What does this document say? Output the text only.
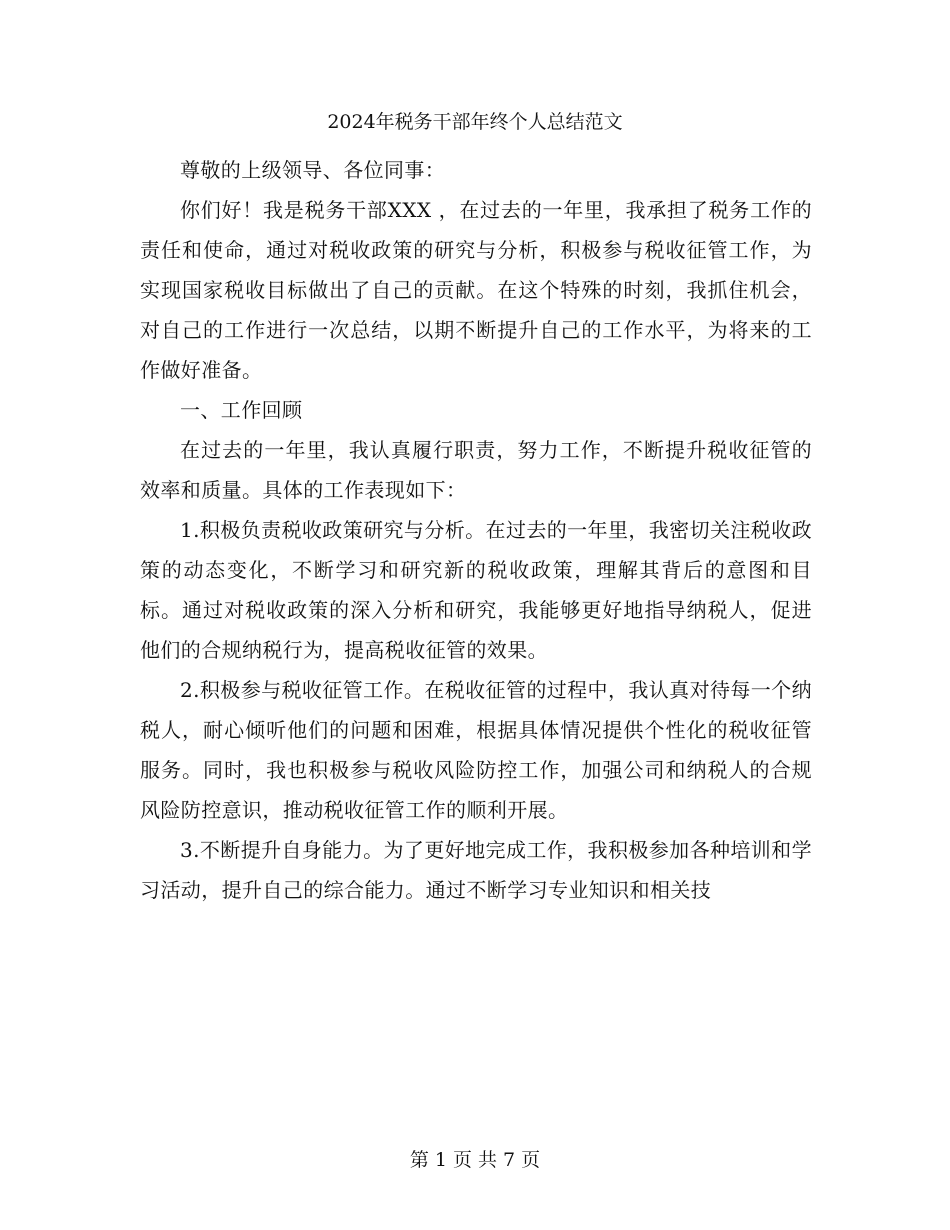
2024年税务干部年终个人总结范文

尊敬的上级领导、各位同事：

你们好！我是税务干部XXX ，在过去的一年里，我承担了税务工作的责任和使命，通过对税收政策的研究与分析，积极参与税收征管工作，为实现国家税收目标做出了自己的贡献。在这个特殊的时刻，我抓住机会，对自己的工作进行一次总结，以期不断提升自己的工作水平，为将来的工作做好准备。

一、工作回顾

在过去的一年里，我认真履行职责，努力工作，不断提升税收征管的效率和质量。具体的工作表现如下：

1.积极负责税收政策研究与分析。在过去的一年里，我密切关注税收政策的动态变化，不断学习和研究新的税收政策，理解其背后的意图和目标。通过对税收政策的深入分析和研究，我能够更好地指导纳税人，促进他们的合规纳税行为，提高税收征管的效果。

2.积极参与税收征管工作。在税收征管的过程中，我认真对待每一个纳税人，耐心倾听他们的问题和困难，根据具体情况提供个性化的税收征管服务。同时，我也积极参与税收风险防控工作，加强公司和纳税人的合规风险防控意识，推动税收征管工作的顺利开展。

3.不断提升自身能力。为了更好地完成工作，我积极参加各种培训和学习活动，提升自己的综合能力。通过不断学习专业知识和相关技

第 1 页 共 7 页
